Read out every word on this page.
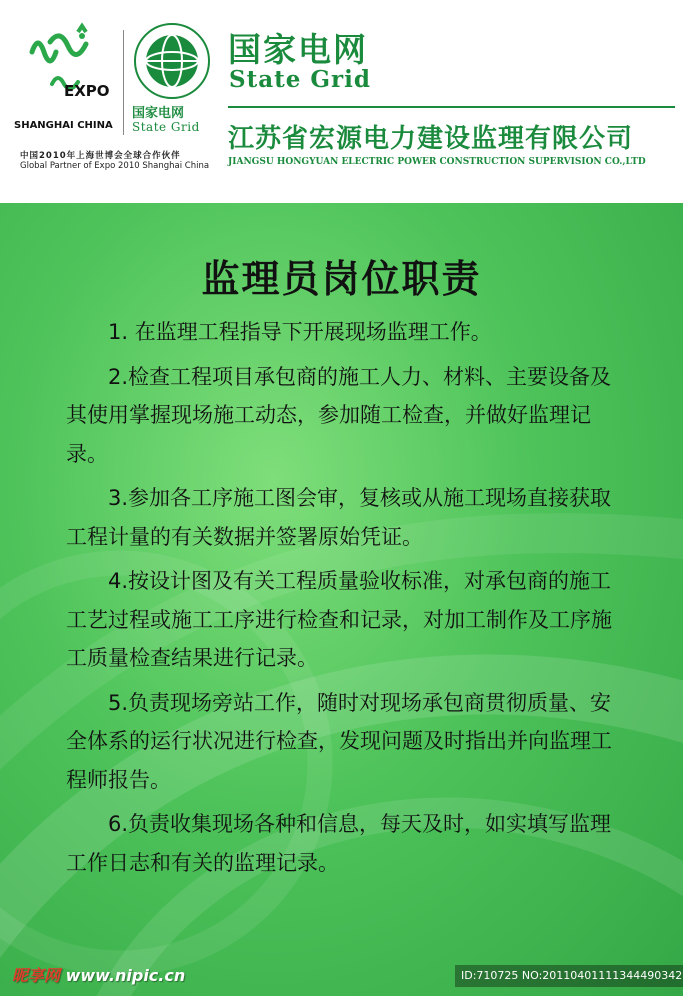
EXPO
SHANGHAI CHINA
国家电网
State Grid
中国2010年上海世博会全球合作伙伴
Global Partner of Expo 2010 Shanghai China
国家电网
State Grid
江苏省宏源电力建设监理有限公司
JIANGSU HONGYUAN ELECTRIC POWER CONSTRUCTION SUPERVISION CO.,LTD
监理员岗位职责

1. 在监理工程指导下开展现场监理工作。

2.检查工程项目承包商的施工人力、材料、主要设备及其使用掌握现场施工动态，参加随工检查，并做好监理记录。

3.参加各工序施工图会审，复核或从施工现场直接获取工程计量的有关数据并签署原始凭证。

4.按设计图及有关工程质量验收标准，对承包商的施工工艺过程或施工工序进行检查和记录，对加工制作及工序施工质量检查结果进行记录。

5.负责现场旁站工作，随时对现场承包商贯彻质量、安全体系的运行状况进行检查，发现问题及时指出并向监理工程师报告。

6.负责收集现场各种和信息，每天及时，如实填写监理工作日志和有关的监理记录。

昵享网 www.nipic.cn	ID:710725 NO:20110401111344490342
